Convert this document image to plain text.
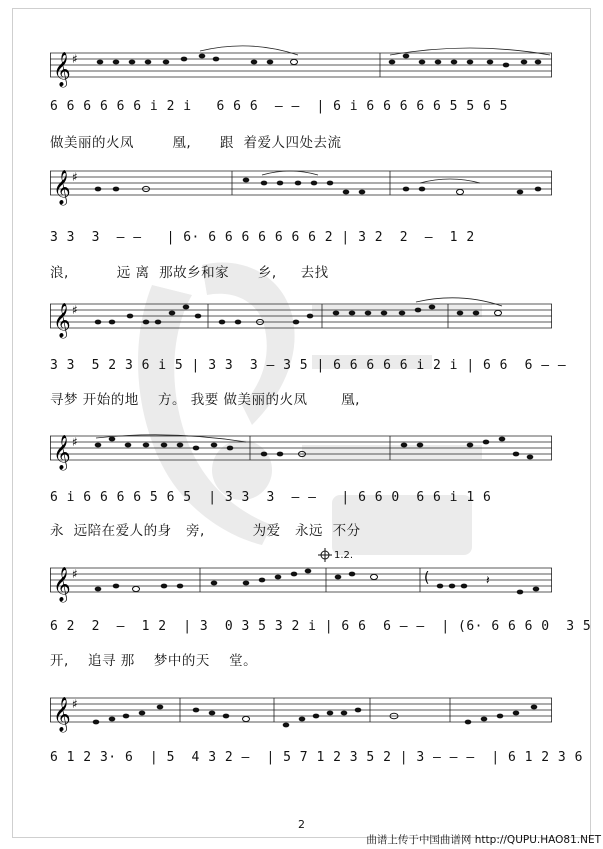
𝄞 ♯
6 6 6 6 6 6 i 2 i   6 6 6  – –  | 6 i 6 6 6 6 6 5 5 6 5
做美丽的火凤        凰,      跟  着爱人四处去流
𝄞 ♯
3 3  3  – –   | 6· 6 6 6 6 6 6 6 2 | 3 2  2  –  1 2
浪,          远 离  那故乡和家      乡,     去找
𝄞 ♯
3 3  5 2 3 6 i 5 | 3 3  3 – 3 5 | 6 6 6 6 6 i 2 i | 6 6  6 – –
寻梦 开始的地    方。 我要 做美丽的火凤       凰,
𝄞 ♯
6 i 6 6 6 6 5 6 5  | 3 3  3  – –   | 6 6 0  6 6 i 1 6
永  远陪在爱人的身   旁,          为爱   永远  不分
𝄞 ♯	(	𝄽
1.2.
6 2  2  –  1 2  | 3  0 3 5 3 2 i | 6 6  6 – –  | (6· 6 6 6 0  3 5
开,    追寻 那    梦中的天    堂。
𝄞 ♯
6 1 2 3· 6  | 5  4 3 2 –  | 5 7 1 2 3 5 2 | 3 – – –  | 6 1 2 3 6
2
曲谱上传于中国曲谱网 http://QUPU.HAO81.NET
